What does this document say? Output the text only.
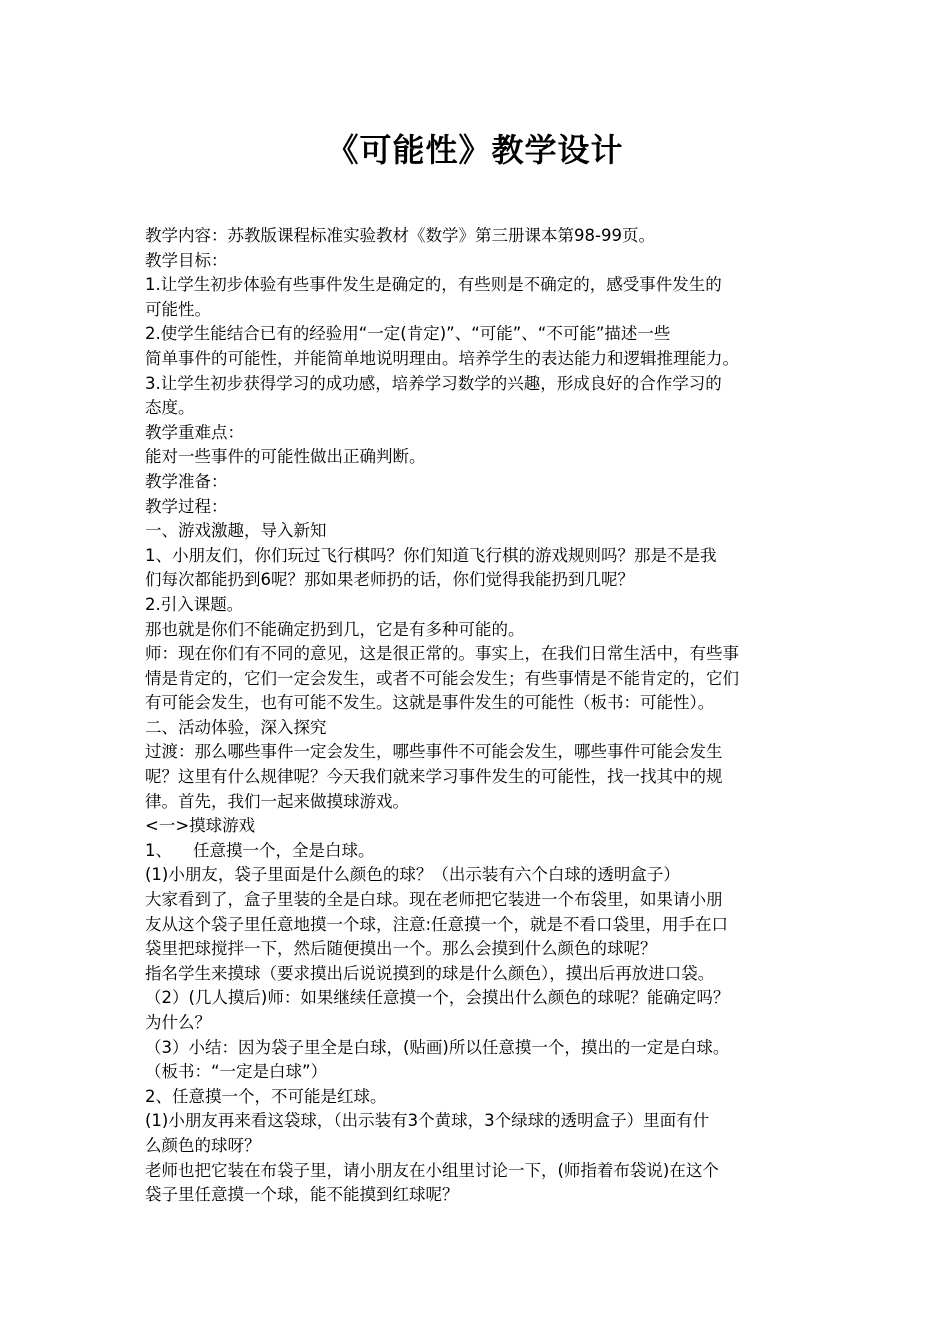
《可能性》教学设计

教学内容：苏教版课程标准实验教材《数学》第三册课本第98-99页。

教学目标：

1.让学生初步体验有些事件发生是确定的，有些则是不确定的，感受事件发生的

可能性。

2.使学生能结合已有的经验用“一定(肯定)”、“可能”、“不可能”描述一些

简单事件的可能性，并能简单地说明理由。培养学生的表达能力和逻辑推理能力。

3.让学生初步获得学习的成功感，培养学习数学的兴趣，形成良好的合作学习的

态度。

教学重难点：

能对一些事件的可能性做出正确判断。

教学准备：

教学过程：

一、游戏激趣，导入新知

1、小朋友们，你们玩过飞行棋吗？你们知道飞行棋的游戏规则吗？那是不是我

们每次都能扔到6呢？那如果老师扔的话，你们觉得我能扔到几呢？

2.引入课题。

那也就是你们不能确定扔到几，它是有多种可能的。

师：现在你们有不同的意见，这是很正常的。事实上，在我们日常生活中，有些事

情是肯定的，它们一定会发生，或者不可能会发生；有些事情是不能肯定的，它们

有可能会发生，也有可能不发生。这就是事件发生的可能性（板书：可能性）。

二、活动体验，深入探究

过渡：那么哪些事件一定会发生，哪些事件不可能会发生，哪些事件可能会发生

呢？这里有什么规律呢？今天我们就来学习事件发生的可能性，找一找其中的规

律。首先，我们一起来做摸球游戏。

<一>摸球游戏

1、    任意摸一个，全是白球。

(1)小朋友，袋子里面是什么颜色的球？（出示装有六个白球的透明盒子）

大家看到了，盒子里装的全是白球。现在老师把它装进一个布袋里，如果请小朋

友从这个袋子里任意地摸一个球，注意:任意摸一个，就是不看口袋里，用手在口

袋里把球搅拌一下，然后随便摸出一个。那么会摸到什么颜色的球呢？

指名学生来摸球（要求摸出后说说摸到的球是什么颜色），摸出后再放进口袋。

（2）(几人摸后)师：如果继续任意摸一个，会摸出什么颜色的球呢？能确定吗？

为什么？

（3）小结：因为袋子里全是白球，(贴画)所以任意摸一个，摸出的一定是白球。

（板书：“一定是白球”）

2、任意摸一个，不可能是红球。

(1)小朋友再来看这袋球，（出示装有3个黄球，3个绿球的透明盒子）里面有什

么颜色的球呀？

老师也把它装在布袋子里，请小朋友在小组里讨论一下，(师指着布袋说)在这个

袋子里任意摸一个球，能不能摸到红球呢？
